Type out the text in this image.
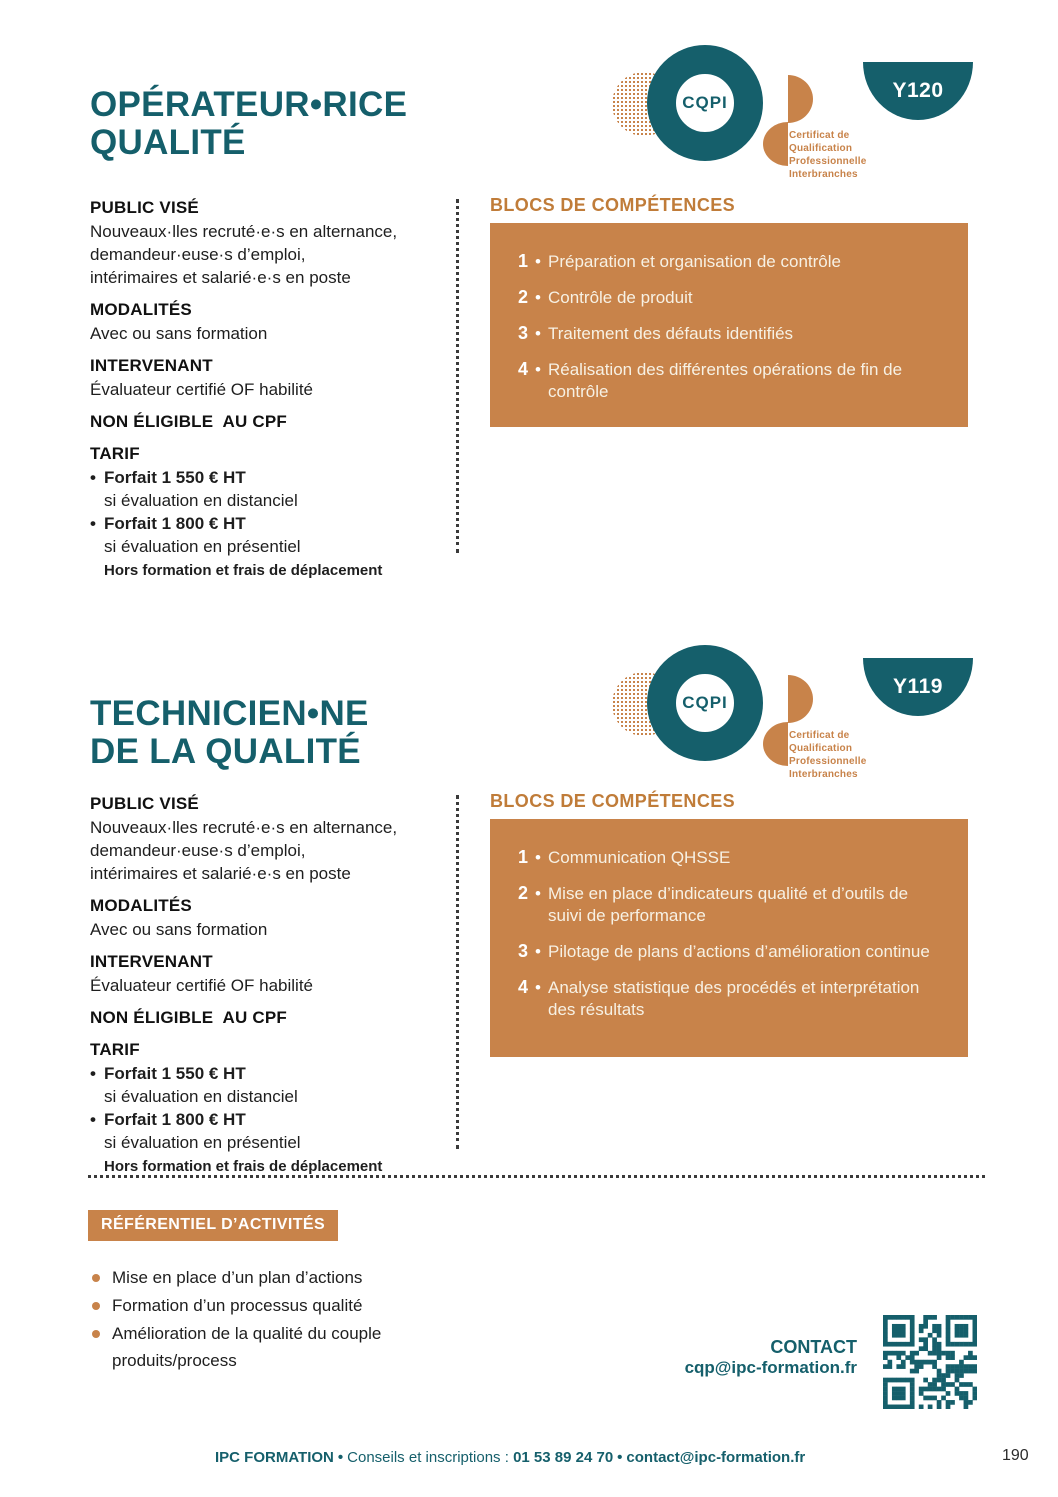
OPÉRATEUR•RICE
QUALITÉ
CQPI
Certificat de
Qualification
Professionnelle
Interbranches
Y120
PUBLIC VISÉ
Nouveaux·lles recruté·e·s en alternance,
demandeur·euse·s d’emploi,
intérimaires et salarié·e·s en poste
MODALITÉS
Avec ou sans formation
INTERVENANT
Évaluateur certifié OF habilité
NON ÉLIGIBLE  AU CPF
TARIF
• Forfait 1 550 € HT
si évaluation en distanciel
• Forfait 1 800 € HT
si évaluation en présentiel
Hors formation et frais de déplacement
BLOCS DE COMPÉTENCES
1 • Préparation et organisation de contrôle
2 • Contrôle de produit
3 • Traitement des défauts identifiés
4 • Réalisation des différentes opérations de fin de contrôle
TECHNICIEN•NE
DE LA QUALITÉ
CQPI
Certificat de
Qualification
Professionnelle
Interbranches
Y119
PUBLIC VISÉ
Nouveaux·lles recruté·e·s en alternance,
demandeur·euse·s d’emploi,
intérimaires et salarié·e·s en poste
MODALITÉS
Avec ou sans formation
INTERVENANT
Évaluateur certifié OF habilité
NON ÉLIGIBLE  AU CPF
TARIF
• Forfait 1 550 € HT
si évaluation en distanciel
• Forfait 1 800 € HT
si évaluation en présentiel
Hors formation et frais de déplacement
BLOCS DE COMPÉTENCES
1 • Communication QHSSE
2 • Mise en place d’indicateurs qualité et d’outils de suivi de performance
3 • Pilotage de plans d’actions d’amélioration continue
4 • Analyse statistique des procédés et interprétation des résultats
RÉFÉRENTIEL D’ACTIVITÉS
Mise en place d’un plan d’actions
Formation d’un processus qualité
Amélioration de la qualité du couple produits/process
CONTACT
cqp@ipc-formation.fr
IPC FORMATION • Conseils et inscriptions : 01 53 89 24 70 • contact@ipc-formation.fr	190
